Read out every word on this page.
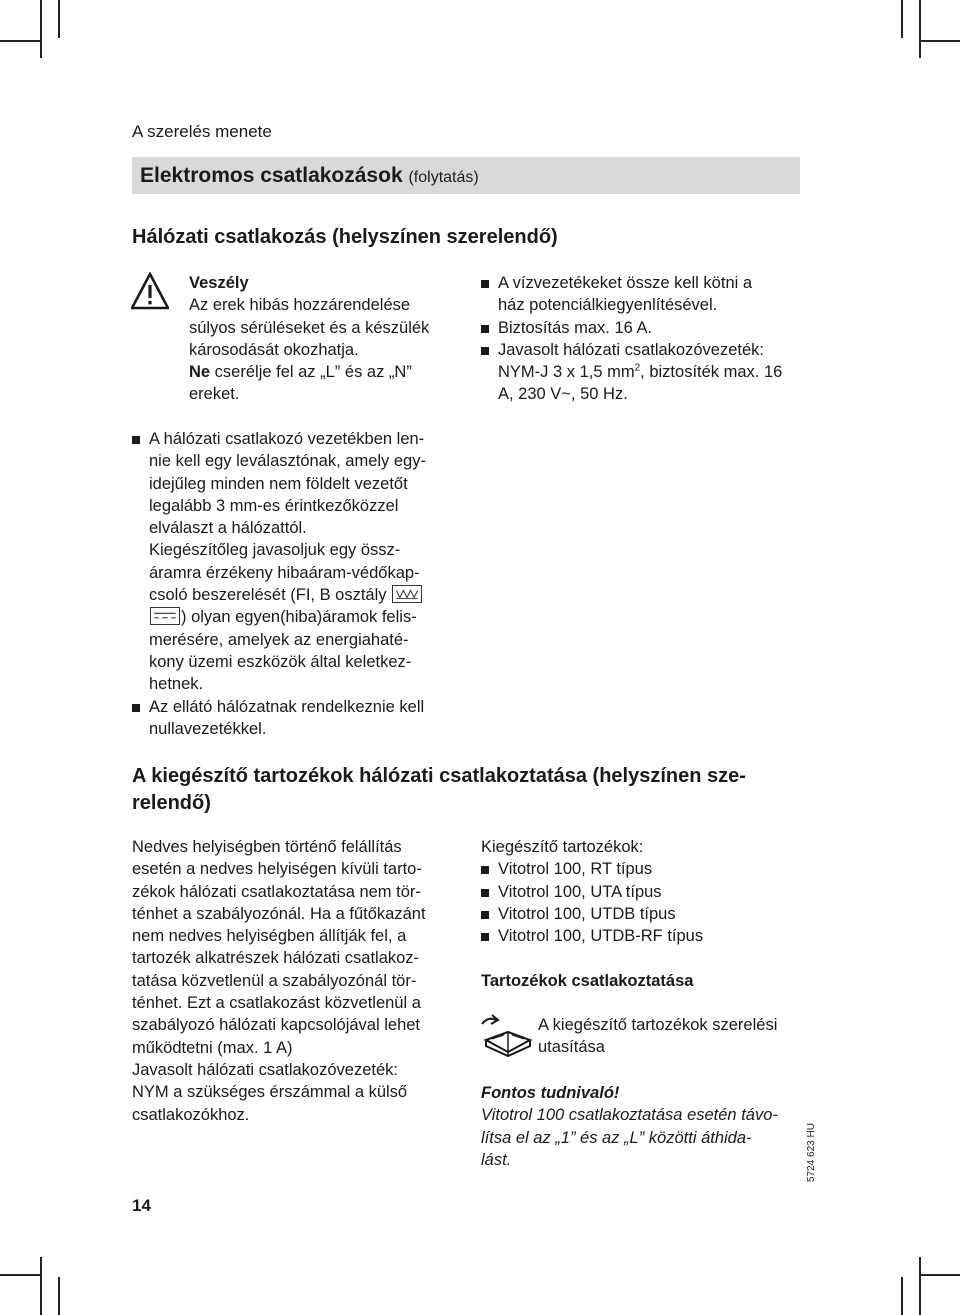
A szerelés menete
Elektromos csatlakozások (folytatás)
Hálózati csatlakozás (helyszínen szerelendő)
Veszély
Az erek hibás hozzárendelése
súlyos sérüléseket és a készülék
károsodását okozhatja.
Ne cserélje fel az „L” és az „N”
ereket.
A vízvezetékeket össze kell kötni a
ház potenciálkiegyenlítésével.
Biztosítás max. 16 A.
Javasolt hálózati csatlakozóvezeték:
NYM-J 3 x 1,5 $mm^2$, biztosíték max. 16
A, 230 V~, 50 Hz.
A hálózati csatlakozó vezetékben len-
nie kell egy leválasztónak, amely egy-
idejűleg minden nem földelt vezetőt
legalább 3 mm-es érintkezőközzel
elválaszt a hálózattól.
Kiegészítőleg javasoljuk egy össz-
áramra érzékeny hibaáram-védőkap-
csoló beszerelését (FI, B osztály
) olyan egyen(hiba)áramok felis-
merésére, amelyek az energiahaté-
kony üzemi eszközök által keletkez-
hetnek.
Az ellátó hálózatnak rendelkeznie kell
nullavezetékkel.
A kiegészítő tartozékok hálózati csatlakoztatása (helyszínen sze-
relendő)
Nedves helyiségben történő felállítás
esetén a nedves helyiségen kívüli tarto-
zékok hálózati csatlakoztatása nem tör-
ténhet a szabályozónál. Ha a fűtőkazánt
nem nedves helyiségben állítják fel, a
tartozék alkatrészek hálózati csatlakoz-
tatása közvetlenül a szabályozónál tör-
ténhet. Ezt a csatlakozást közvetlenül a
szabályozó hálózati kapcsolójával lehet
működtetni (max. 1 A)
Javasolt hálózati csatlakozóvezeték:
NYM a szükséges érszámmal a külső
csatlakozókhoz.
Kiegészítő tartozékok:
Vitotrol 100, RT típus
Vitotrol 100, UTA típus
Vitotrol 100, UTDB típus
Vitotrol 100, UTDB-RF típus
Tartozékok csatlakoztatása
A kiegészítő tartozékok szerelési
utasítása
Fontos tudnivaló!
Vitotrol 100 csatlakoztatása esetén távo-
lítsa el az „1” és az „L” közötti áthida-
lást.
14
5724 623 HU
